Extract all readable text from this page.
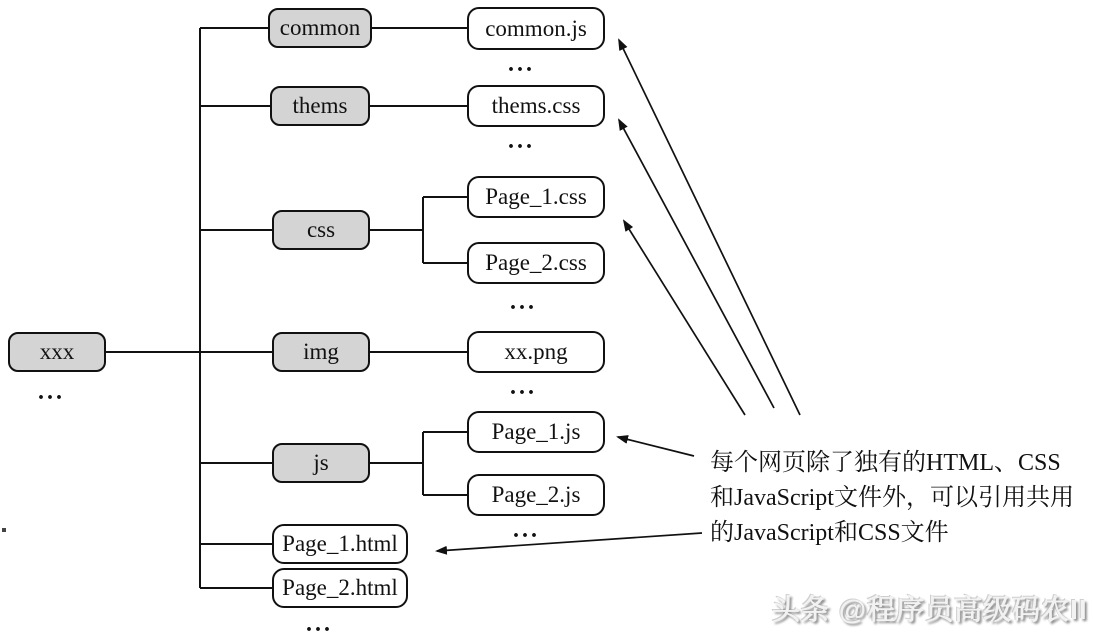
xxx
...
common
thems
css
img
js
common.js
...
thems.css
...
Page_1.css
Page_2.css
...
xx.png
...
Page_1.js
Page_2.js
...
Page_1.html
Page_2.html
...
每个网页除了独有的HTML、CSS
和JavaScript文件外，可以引用共用
的JavaScript和CSS文件
头条 @程序员高级码农II
